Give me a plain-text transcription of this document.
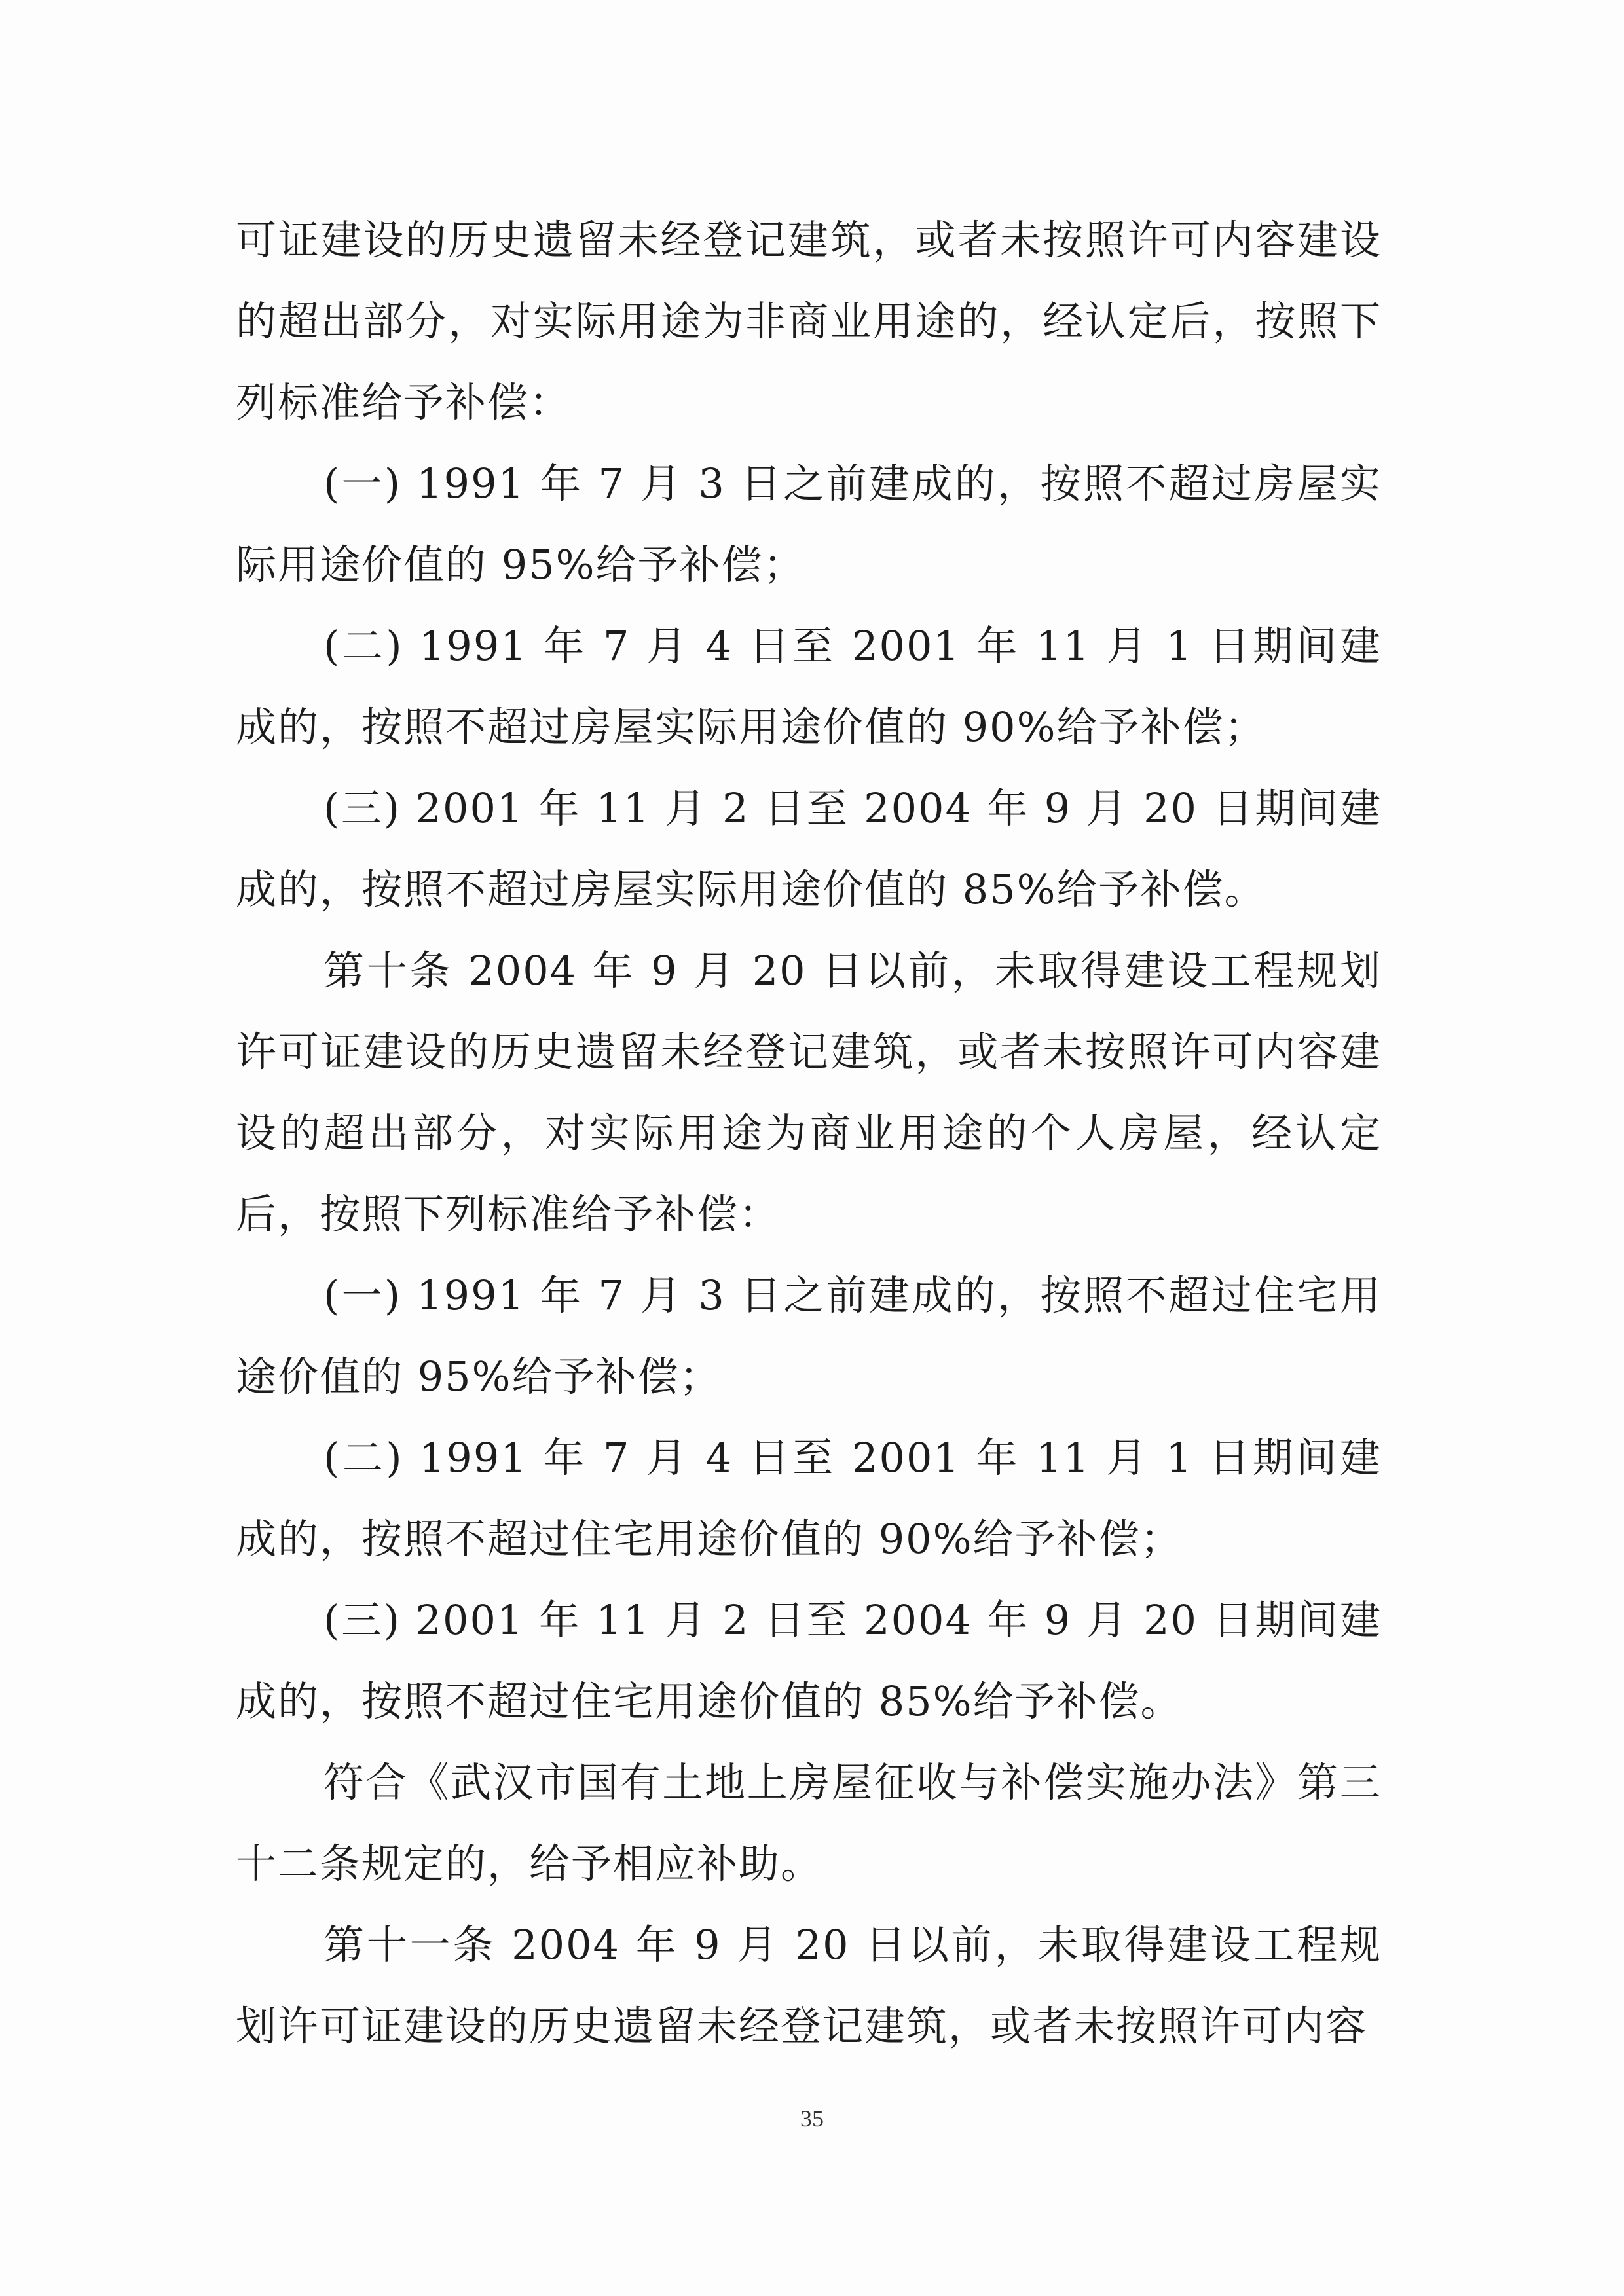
可证建设的历史遗留未经登记建筑，或者未按照许可内容建设的超出部分，对实际用途为非商业用途的，经认定后，按照下列标准给予补偿：

(一) 1991 年 7 月 3 日之前建成的，按照不超过房屋实际用途价值的 95%给予补偿；

(二) 1991 年 7 月 4 日至 2001 年 11 月 1 日期间建成的，按照不超过房屋实际用途价值的 90%给予补偿；

(三) 2001 年 11 月 2 日至 2004 年 9 月 20 日期间建成的，按照不超过房屋实际用途价值的 85%给予补偿。

第十条 2004 年 9 月 20 日以前，未取得建设工程规划许可证建设的历史遗留未经登记建筑，或者未按照许可内容建设的超出部分，对实际用途为商业用途的个人房屋，经认定后，按照下列标准给予补偿：

(一) 1991 年 7 月 3 日之前建成的，按照不超过住宅用途价值的 95%给予补偿；

(二) 1991 年 7 月 4 日至 2001 年 11 月 1 日期间建成的，按照不超过住宅用途价值的 90%给予补偿；

(三) 2001 年 11 月 2 日至 2004 年 9 月 20 日期间建成的，按照不超过住宅用途价值的 85%给予补偿。

符合《武汉市国有土地上房屋征收与补偿实施办法》第三十二条规定的，给予相应补助。

第十一条 2004 年 9 月 20 日以前，未取得建设工程规划许可证建设的历史遗留未经登记建筑，或者未按照许可内容

35
